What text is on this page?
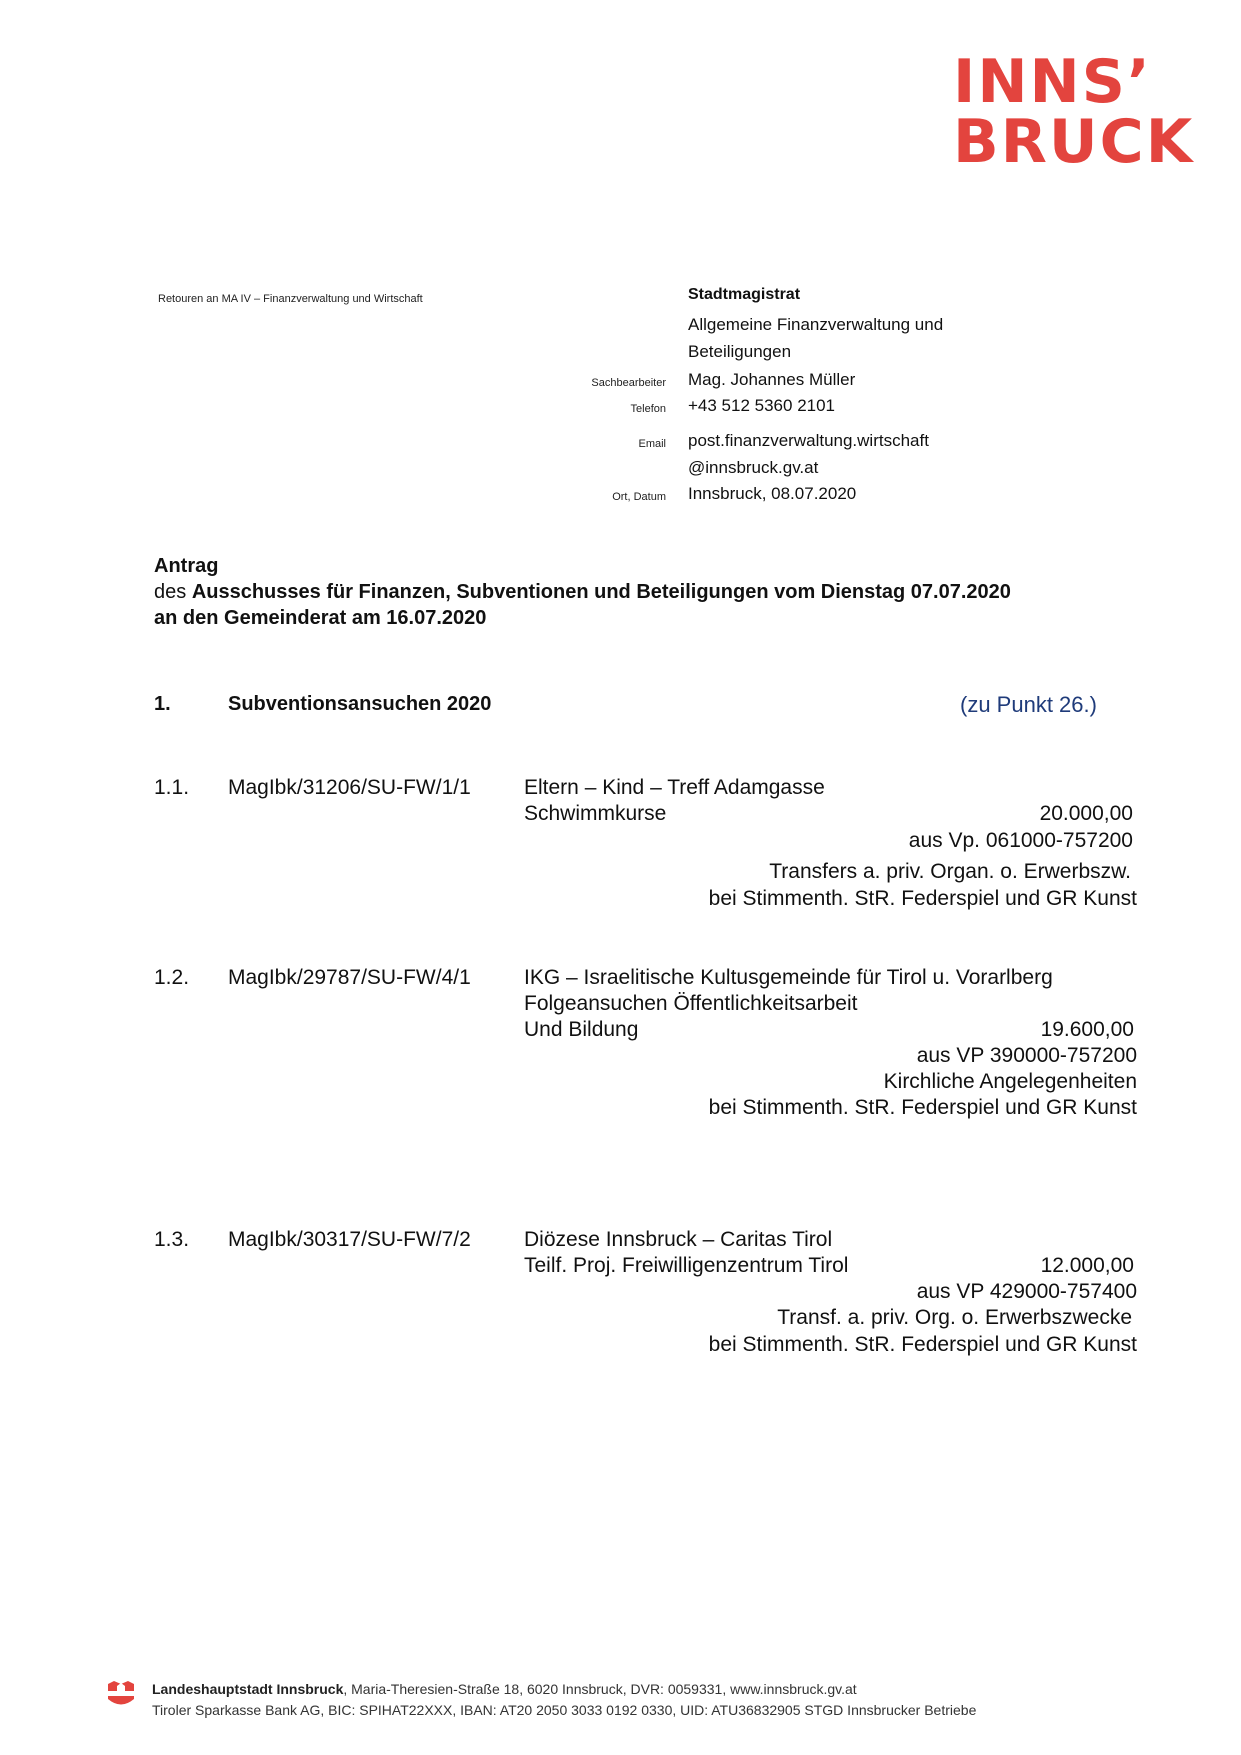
INNS’
BRUCK
Retouren an MA IV – Finanzverwaltung und Wirtschaft	Stadtmagistrat
Allgemeine Finanzverwaltung und
Beteiligungen
Sachbearbeiter Mag. Johannes Müller
Telefon +43 512 5360 2101
Email post.finanzverwaltung.wirtschaft
@innsbruck.gv.at
Ort, Datum Innsbruck, 08.07.2020
Antrag
des Ausschusses für Finanzen, Subventionen und Beteiligungen vom Dienstag 07.07.2020
an den Gemeinderat am 16.07.2020
1.	Subventionsansuchen 2020	(zu Punkt 26.)
1.1. MagIbk/31206/SU-FW/1/1	Eltern – Kind – Treff Adamgasse
Schwimmkurse	20.000,00
aus Vp. 061000-757200
Transfers a. priv. Organ. o. Erwerbszw.
bei Stimmenth. StR. Federspiel und GR Kunst
1.2. MagIbk/29787/SU-FW/4/1	IKG – Israelitische Kultusgemeinde für Tirol u. Vorarlberg
Folgeansuchen Öffentlichkeitsarbeit
Und Bildung	19.600,00
aus VP 390000-757200
Kirchliche Angelegenheiten
bei Stimmenth. StR. Federspiel und GR Kunst
1.3. MagIbk/30317/SU-FW/7/2	Diözese Innsbruck – Caritas Tirol
Teilf. Proj. Freiwilligenzentrum Tirol	12.000,00
aus VP 429000-757400
Transf. a. priv. Org. o. Erwerbszwecke
bei Stimmenth. StR. Federspiel und GR Kunst
Landeshauptstadt Innsbruck, Maria-Theresien-Straße 18, 6020 Innsbruck, DVR: 0059331, www.innsbruck.gv.at
Tiroler Sparkasse Bank AG, BIC: SPIHAT22XXX, IBAN: AT20 2050 3033 0192 0330, UID: ATU36832905 STGD Innsbrucker Betriebe
